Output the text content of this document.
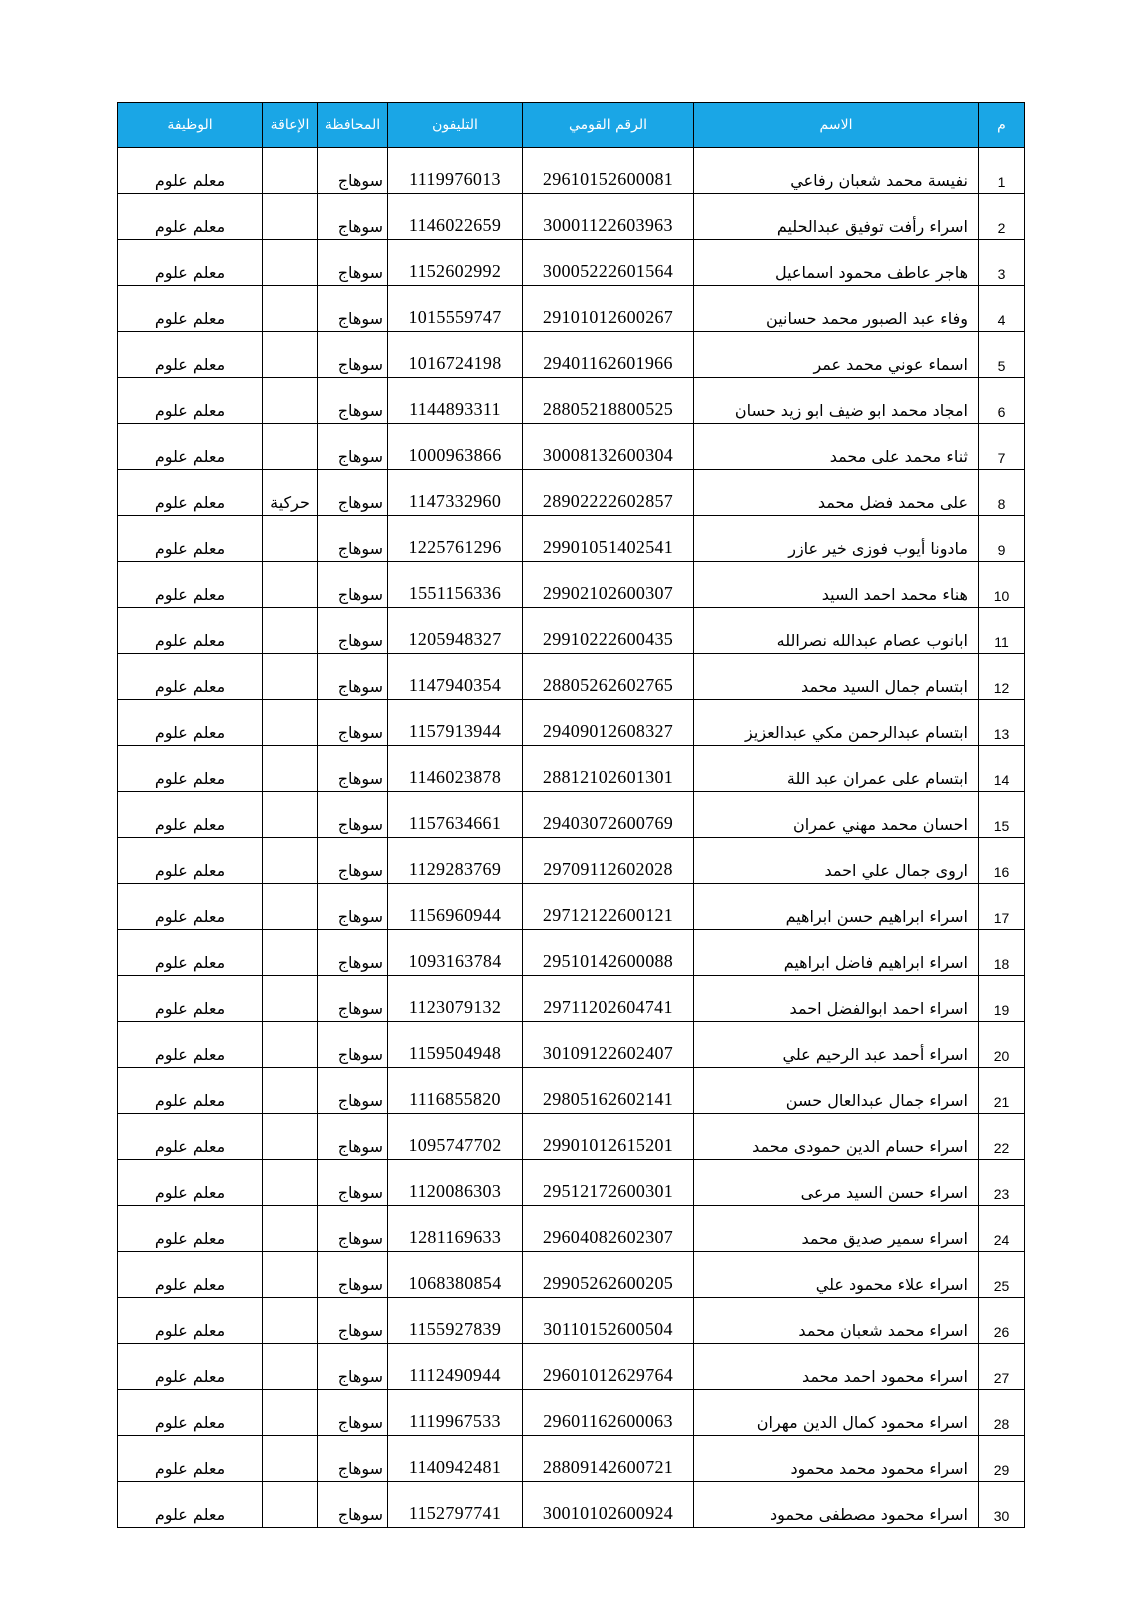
م	الاسم	الرقم القومي	التليفون	المحافظة	الإعاقة	الوظيفة
1	نفيسة محمد شعبان رفاعي	29610152600081	1119976013	سوهاج		معلم علوم
2	اسراء رأفت توفيق عبدالحليم	30001122603963	1146022659	سوهاج		معلم علوم
3	هاجر عاطف محمود اسماعيل	30005222601564	1152602992	سوهاج		معلم علوم
4	وفاء عبد الصبور محمد حسانين	29101012600267	1015559747	سوهاج		معلم علوم
5	اسماء عوني محمد عمر	29401162601966	1016724198	سوهاج		معلم علوم
6	امجاد محمد ابو ضيف ابو زيد حسان	28805218800525	1144893311	سوهاج		معلم علوم
7	ثناء محمد على محمد	30008132600304	1000963866	سوهاج		معلم علوم
8	على محمد فضل محمد	28902222602857	1147332960	سوهاج	حركية	معلم علوم
9	مادونا أيوب فوزى خير عازر	29901051402541	1225761296	سوهاج		معلم علوم
10	هناء محمد احمد السيد	29902102600307	1551156336	سوهاج		معلم علوم
11	ابانوب عصام عبدالله نصرالله	29910222600435	1205948327	سوهاج		معلم علوم
12	ابتسام جمال السيد محمد	28805262602765	1147940354	سوهاج		معلم علوم
13	ابتسام عبدالرحمن مكي عبدالعزيز	29409012608327	1157913944	سوهاج		معلم علوم
14	ابتسام على عمران عبد اللة	28812102601301	1146023878	سوهاج		معلم علوم
15	احسان محمد مهني عمران	29403072600769	1157634661	سوهاج		معلم علوم
16	اروى جمال علي احمد	29709112602028	1129283769	سوهاج		معلم علوم
17	اسراء ابراهيم حسن ابراهيم	29712122600121	1156960944	سوهاج		معلم علوم
18	اسراء ابراهيم فاضل ابراهيم	29510142600088	1093163784	سوهاج		معلم علوم
19	اسراء احمد ابوالفضل احمد	29711202604741	1123079132	سوهاج		معلم علوم
20	اسراء أحمد عبد الرحيم علي	30109122602407	1159504948	سوهاج		معلم علوم
21	اسراء جمال عبدالعال حسن	29805162602141	1116855820	سوهاج		معلم علوم
22	اسراء حسام الدين حمودى محمد	29901012615201	1095747702	سوهاج		معلم علوم
23	اسراء حسن السيد مرعى	29512172600301	1120086303	سوهاج		معلم علوم
24	اسراء سمير صديق محمد	29604082602307	1281169633	سوهاج		معلم علوم
25	اسراء علاء محمود علي	29905262600205	1068380854	سوهاج		معلم علوم
26	اسراء محمد شعبان محمد	30110152600504	1155927839	سوهاج		معلم علوم
27	اسراء محمود احمد محمد	29601012629764	1112490944	سوهاج		معلم علوم
28	اسراء محمود كمال الدين مهران	29601162600063	1119967533	سوهاج		معلم علوم
29	اسراء محمود محمد محمود	28809142600721	1140942481	سوهاج		معلم علوم
30	اسراء محمود مصطفى محمود	30010102600924	1152797741	سوهاج		معلم علوم
